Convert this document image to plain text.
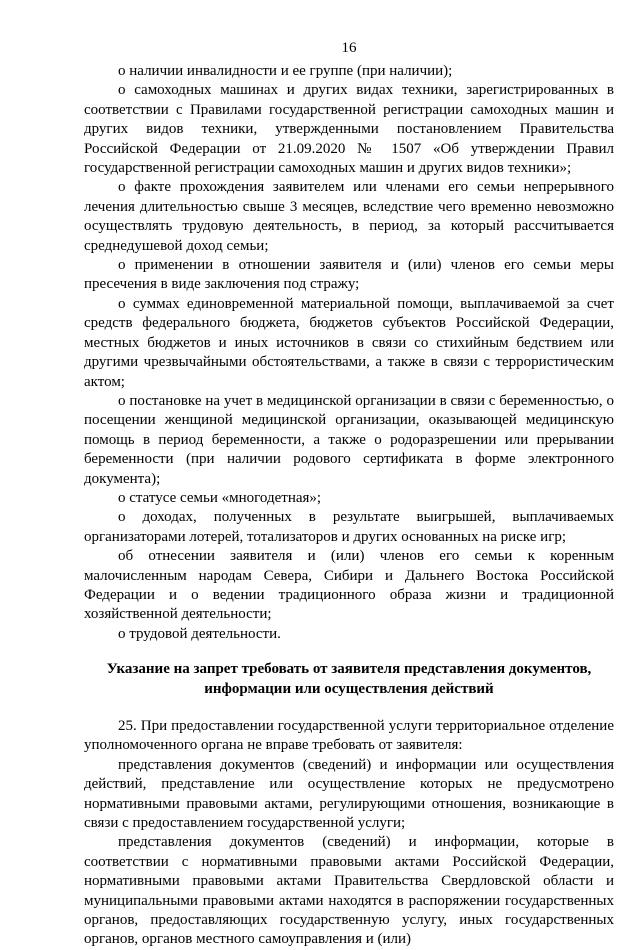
16

о наличии инвалидности и ее группе (при наличии);

о самоходных машинах и других видах техники, зарегистрированных в соответствии с Правилами государственной регистрации самоходных машин и других видов техники, утвержденными постановлением Правительства Российской Федерации от 21.09.2020 № 1507 «Об утверждении Правил государственной регистрации самоходных машин и других видов техники»;

о факте прохождения заявителем или членами его семьи непрерывного лечения длительностью свыше 3 месяцев, вследствие чего временно невозможно осуществлять трудовую деятельность, в период, за который рассчитывается среднедушевой доход семьи;

о применении в отношении заявителя и (или) членов его семьи меры пресечения в виде заключения под стражу;

о суммах единовременной материальной помощи, выплачиваемой за счет средств федерального бюджета, бюджетов субъектов Российской Федерации, местных бюджетов и иных источников в связи со стихийным бедствием или другими чрезвычайными обстоятельствами, а также в связи с террористическим актом;

о постановке на учет в медицинской организации в связи с беременностью, о посещении женщиной медицинской организации, оказывающей медицинскую помощь в период беременности, а также о родоразрешении или прерывании беременности (при наличии родового сертификата в форме электронного документа);

о статусе семьи «многодетная»;

о доходах, полученных в результате выигрышей, выплачиваемых организаторами лотерей, тотализаторов и других основанных на риске игр;

об отнесении заявителя и (или) членов его семьи к коренным малочисленным народам Севера, Сибири и Дальнего Востока Российской Федерации и о ведении традиционного образа жизни и традиционной хозяйственной деятельности;

о трудовой деятельности.

Указание на запрет требовать от заявителя представления документов, информации или осуществления действий

25. При предоставлении государственной услуги территориальное отделение уполномоченного органа не вправе требовать от заявителя:

представления документов (сведений) и информации или осуществления действий, представление или осуществление которых не предусмотрено нормативными правовыми актами, регулирующими отношения, возникающие в связи с предоставлением государственной услуги;

представления документов (сведений) и информации, которые в соответствии с нормативными правовыми актами Российской Федерации, нормативными правовыми актами Правительства Свердловской области и муниципальными правовыми актами находятся в распоряжении государственных органов, предоставляющих государственную услугу, иных государственных органов, органов местного самоуправления и (или)
